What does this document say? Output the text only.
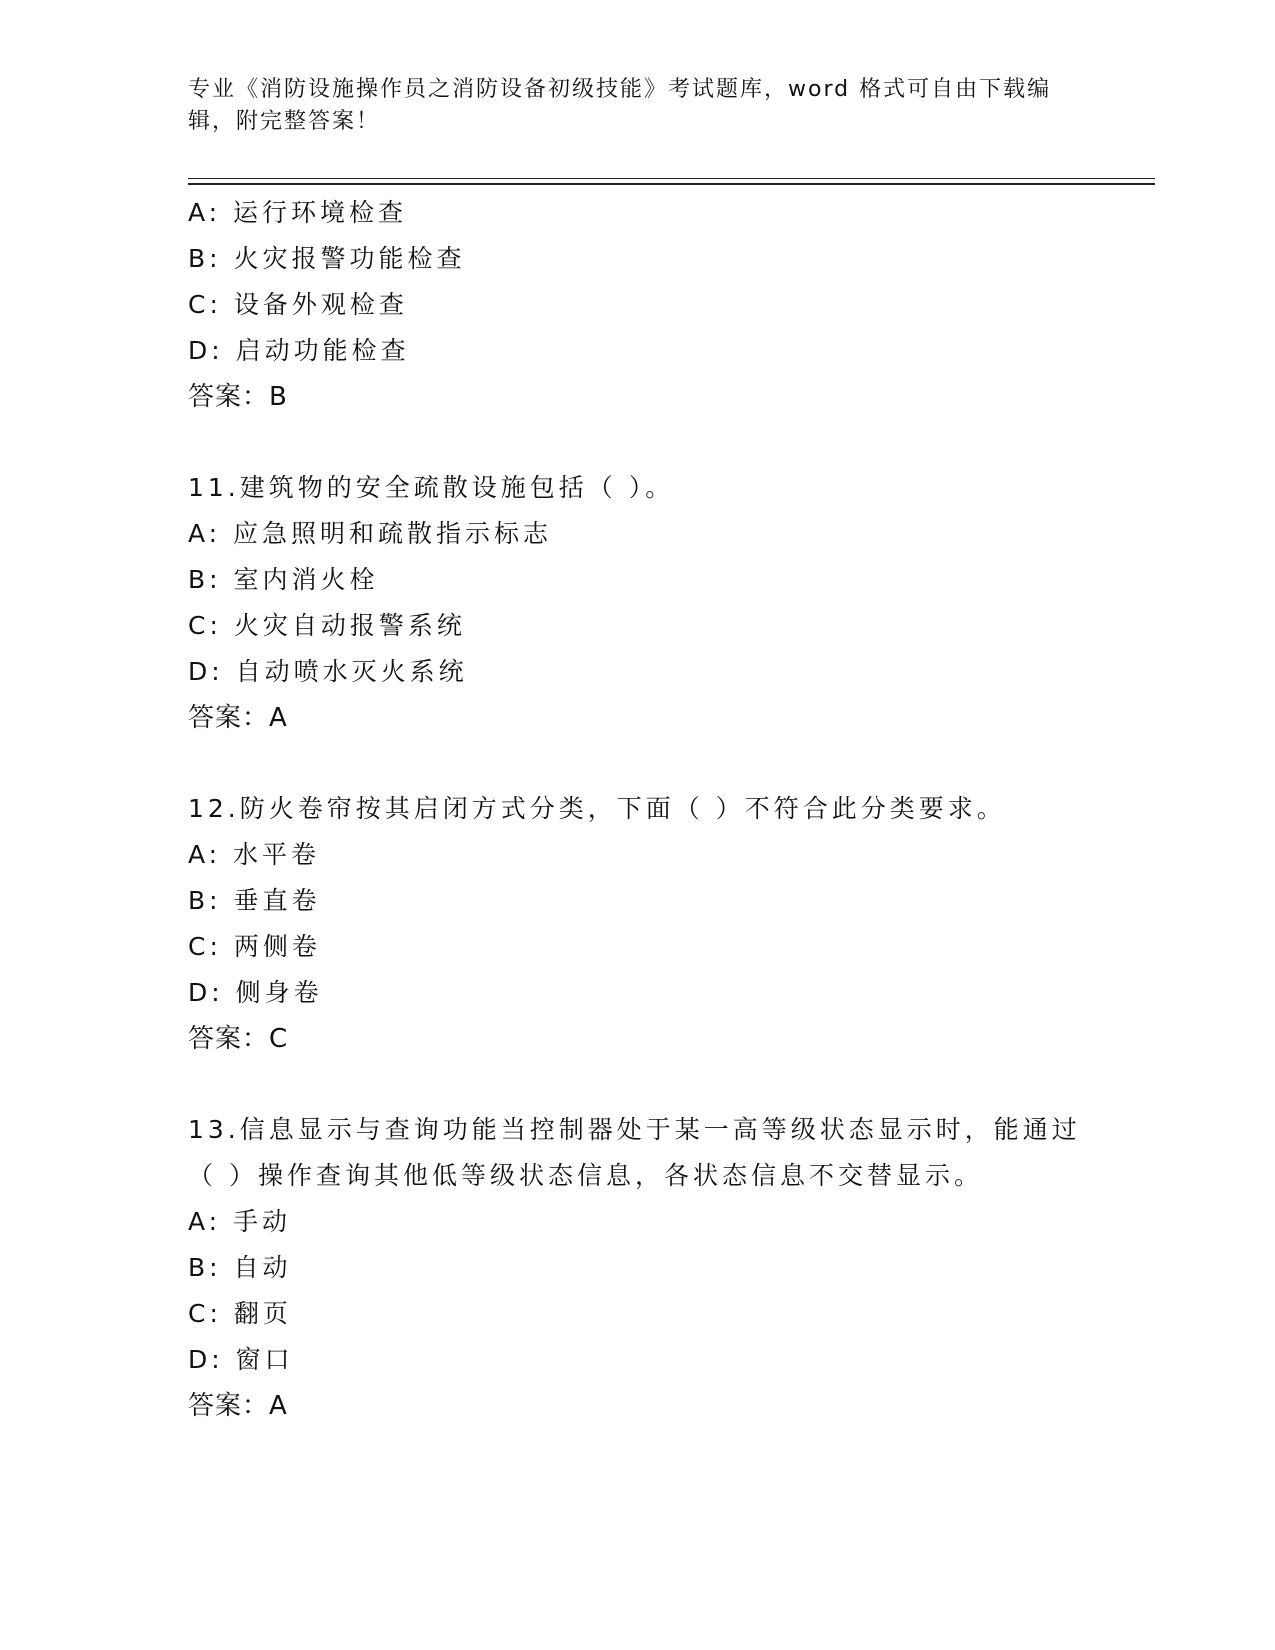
专业《消防设施操作员之消防设备初级技能》考试题库，word 格式可自由下载编
辑，附完整答案！
A: 运行环境检查
B: 火灾报警功能检查
C: 设备外观检查
D: 启动功能检查
答案：B
11.建筑物的安全疏散设施包括（ ）。
A: 应急照明和疏散指示标志
B: 室内消火栓
C: 火灾自动报警系统
D: 自动喷水灭火系统
答案：A
12.防火卷帘按其启闭方式分类，下面（ ）不符合此分类要求。
A: 水平卷
B: 垂直卷
C: 两侧卷
D: 侧身卷
答案：C
13.信息显示与查询功能当控制器处于某一高等级状态显示时，能通过
（ ）操作查询其他低等级状态信息，各状态信息不交替显示。
A: 手动
B: 自动
C: 翻页
D: 窗口
答案：A
